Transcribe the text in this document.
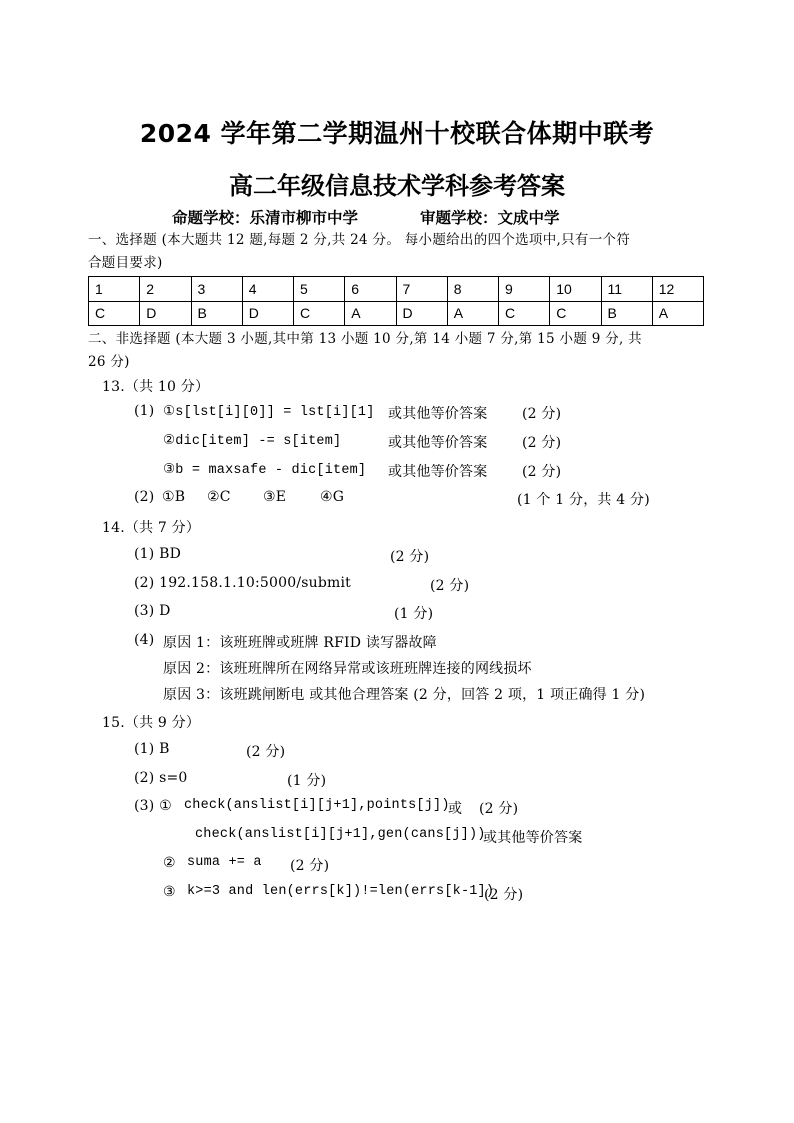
2024 学年第二学期温州十校联合体期中联考
高二年级信息技术学科参考答案
命题学校：乐清市柳市中学	审题学校：文成中学
一、选择题 (本大题共 12 题,每题 2 分,共 24 分。 每小题给出的四个选项中,只有一个符
合题目要求)
1	2	3	4	5	6	7	8	9	10	11	12
C	D	B	D	C	A	D	A	C	C	B	A
二、非选择题 (本大题 3 小题,其中第 13 小题 10 分,第 14 小题 7 分,第 15 小题 9 分, 共
26 分)
13.（共 10 分）
(1) ①s[lst[i][0]] = lst[i][1] 或其他等价答案 (2 分)
②dic[item] -= s[item]	或其他等价答案 (2 分)
③b = maxsafe - dic[item] 或其他等价答案 (2 分)
(2) ①B ②C ③E ④G	(1 个 1 分，共 4 分)
14.（共 7 分）
(1) BD	(2 分)
(2) 192.158.1.10:5000/submit	(2 分)
(3) D	(1 分)
(4) 原因 1：该班班牌或班牌 RFID 读写器故障
原因 2：该班班牌所在网络异常或该班班牌连接的网线损坏
原因 3：该班跳闸断电 或其他合理答案 (2 分，回答 2 项，1 项正确得 1 分)
15.（共 9 分）
(1) B	(2 分)
(2) s=0	(1 分)
(3) ① check(anslist[i][j+1],points[j])
或 (2 分)
check(anslist[i][j+1],gen(cans[j]))
或其他等价答案
② suma += a (2 分)
③ k>=3 and len(errs[k])!=len(errs[k-1])
(2 分)
